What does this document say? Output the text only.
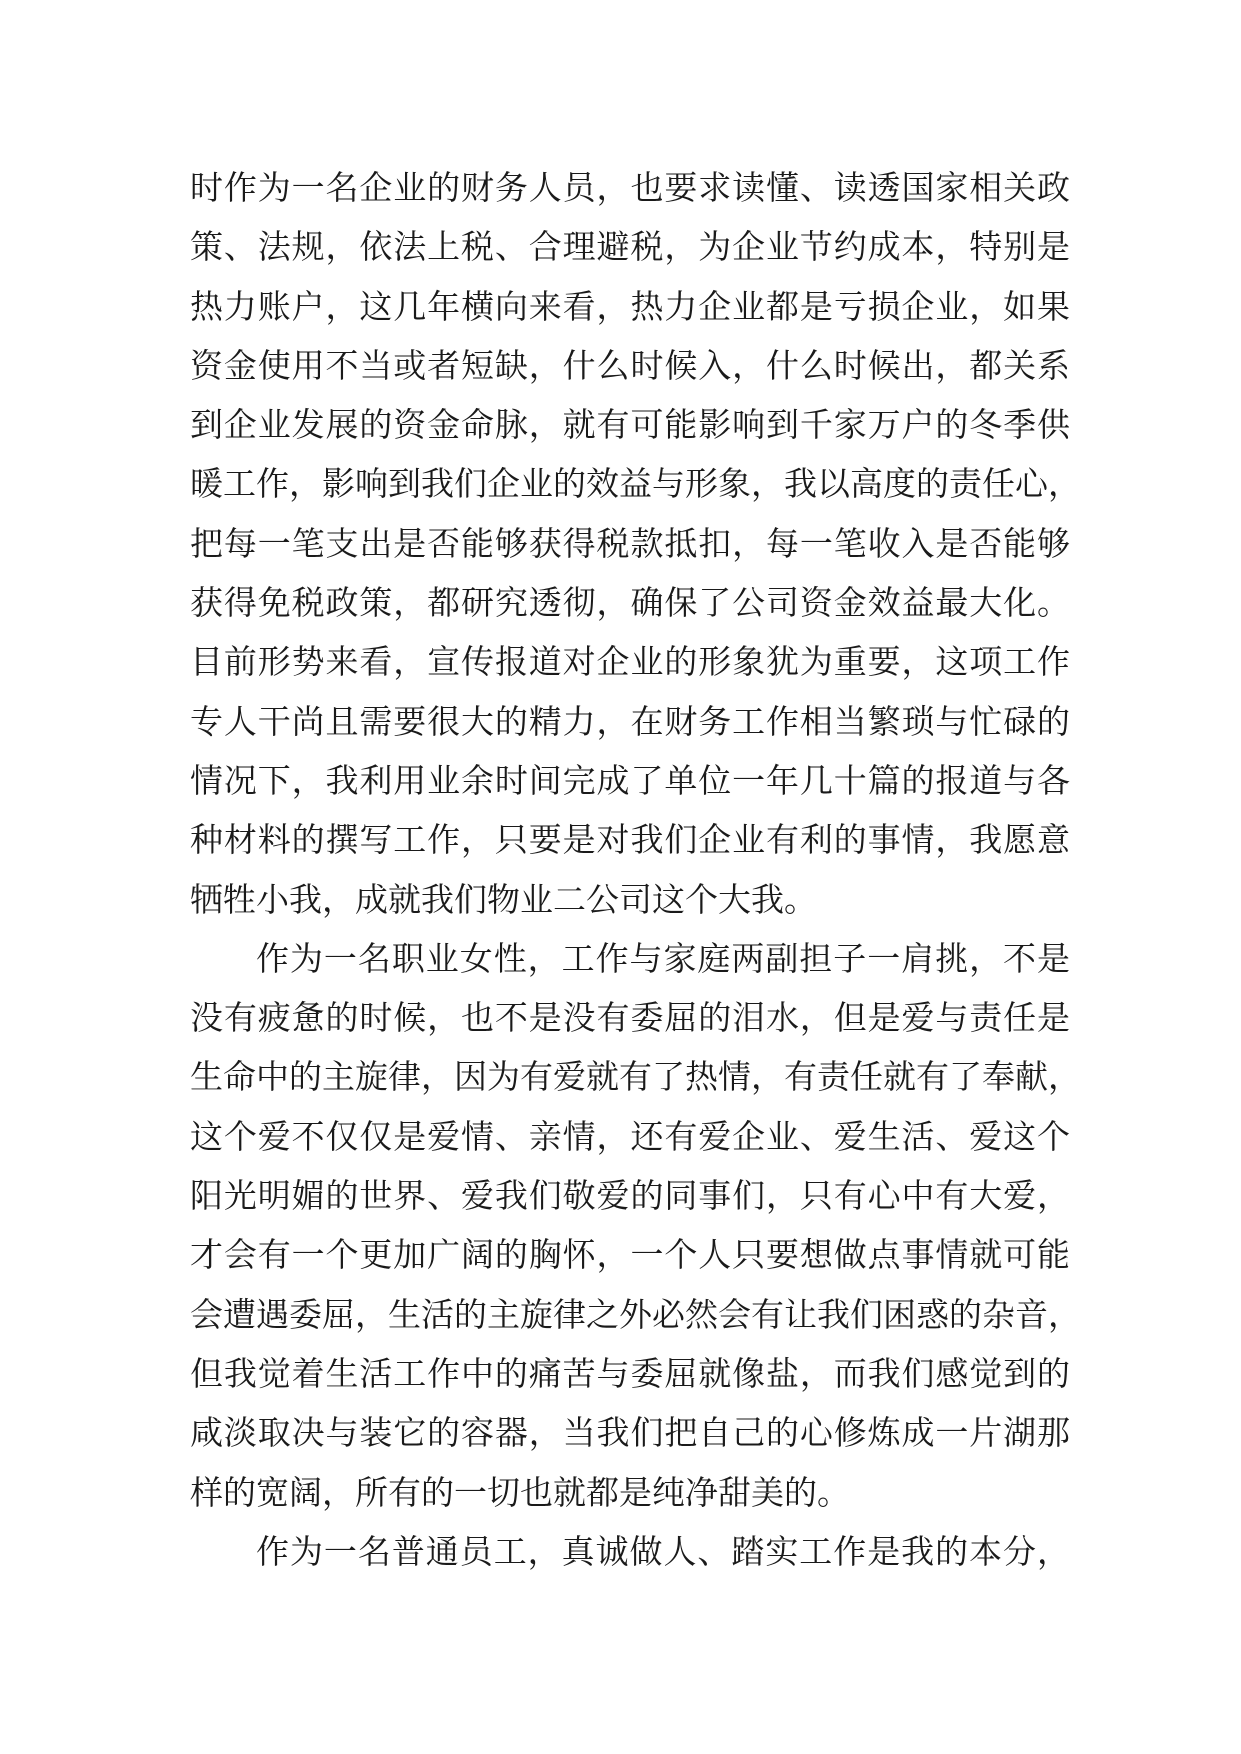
时作为一名企业的财务人员，也要求读懂、读透国家相关政
策、法规，依法上税、合理避税，为企业节约成本，特别是
热力账户，这几年横向来看，热力企业都是亏损企业，如果
资金使用不当或者短缺，什么时候入，什么时候出，都关系
到企业发展的资金命脉，就有可能影响到千家万户的冬季供
暖工作，影响到我们企业的效益与形象，我以高度的责任心，
把每一笔支出是否能够获得税款抵扣，每一笔收入是否能够
获得免税政策，都研究透彻，确保了公司资金效益最大化。
目前形势来看，宣传报道对企业的形象犹为重要，这项工作
专人干尚且需要很大的精力，在财务工作相当繁琐与忙碌的
情况下，我利用业余时间完成了单位一年几十篇的报道与各
种材料的撰写工作，只要是对我们企业有利的事情，我愿意
牺牲小我，成就我们物业二公司这个大我。
作为一名职业女性，工作与家庭两副担子一肩挑，不是
没有疲惫的时候，也不是没有委屈的泪水，但是爱与责任是
生命中的主旋律，因为有爱就有了热情，有责任就有了奉献，
这个爱不仅仅是爱情、亲情，还有爱企业、爱生活、爱这个
阳光明媚的世界、爱我们敬爱的同事们，只有心中有大爱，
才会有一个更加广阔的胸怀，一个人只要想做点事情就可能
会遭遇委屈，生活的主旋律之外必然会有让我们困惑的杂音，
但我觉着生活工作中的痛苦与委屈就像盐，而我们感觉到的
咸淡取决与装它的容器，当我们把自己的心修炼成一片湖那
样的宽阔，所有的一切也就都是纯净甜美的。
作为一名普通员工，真诚做人、踏实工作是我的本分，
